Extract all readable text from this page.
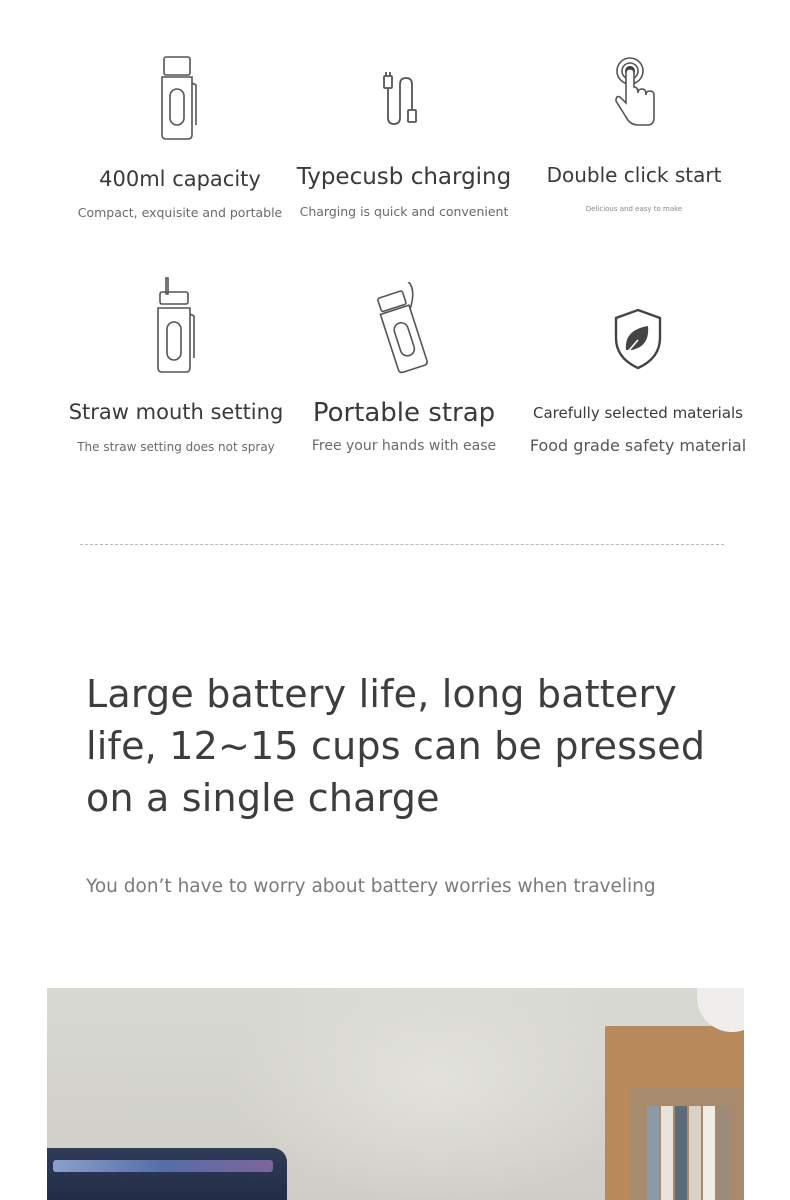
400ml capacity
Compact, exquisite and portable
Typecusb charging
Charging is quick and convenient
Double click start
Delicious and easy to make
Straw mouth setting
The straw setting does not spray
Portable strap
Free your hands with ease
Carefully selected materials
Food grade safety material
Large battery life, long battery life, 12~15 cups can be pressed on a single charge

You don’t have to worry about battery worries when traveling
